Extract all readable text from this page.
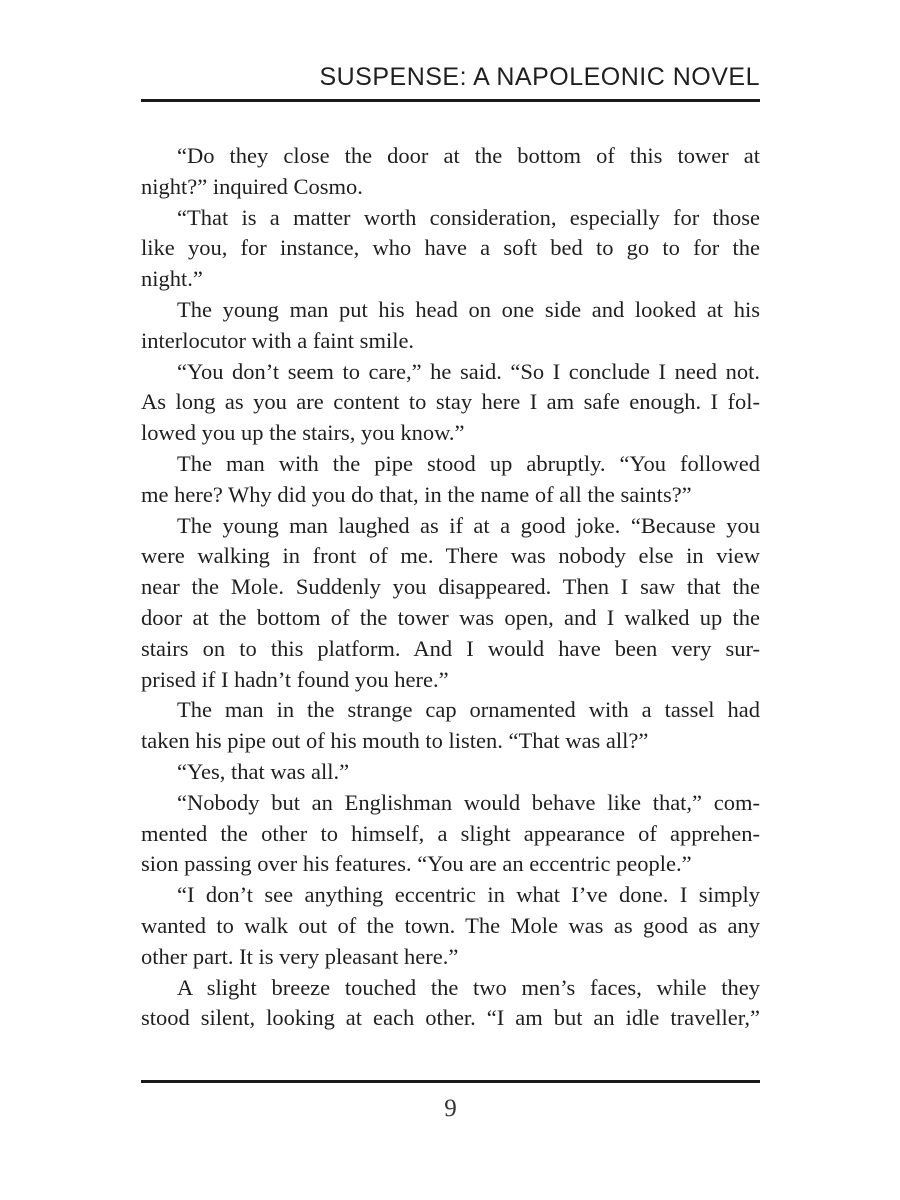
SUSPENSE: A NAPOLEONIC NOVEL
“Do they close the door at the bottom of this tower at
night?” inquired Cosmo.
“That is a matter worth consideration, especially for those
like you, for instance, who have a soft bed to go to for the
night.”
The young man put his head on one side and looked at his
interlocutor with a faint smile.
“You don’t seem to care,” he said. “So I conclude I need not.
As long as you are content to stay here I am safe enough. I fol-
lowed you up the stairs, you know.”
The man with the pipe stood up abruptly. “You followed
me here? Why did you do that, in the name of all the saints?”
The young man laughed as if at a good joke. “Because you
were walking in front of me. There was nobody else in view
near the Mole. Suddenly you disappeared. Then I saw that the
door at the bottom of the tower was open, and I walked up the
stairs on to this platform. And I would have been very sur-
prised if I hadn’t found you here.”
The man in the strange cap ornamented with a tassel had
taken his pipe out of his mouth to listen. “That was all?”
“Yes, that was all.”
“Nobody but an Englishman would behave like that,” com-
mented the other to himself, a slight appearance of apprehen-
sion passing over his features. “You are an eccentric people.”
“I don’t see anything eccentric in what I’ve done. I simply
wanted to walk out of the town. The Mole was as good as any
other part. It is very pleasant here.”
A slight breeze touched the two men’s faces, while they
stood silent, looking at each other. “I am but an idle traveller,”
9
